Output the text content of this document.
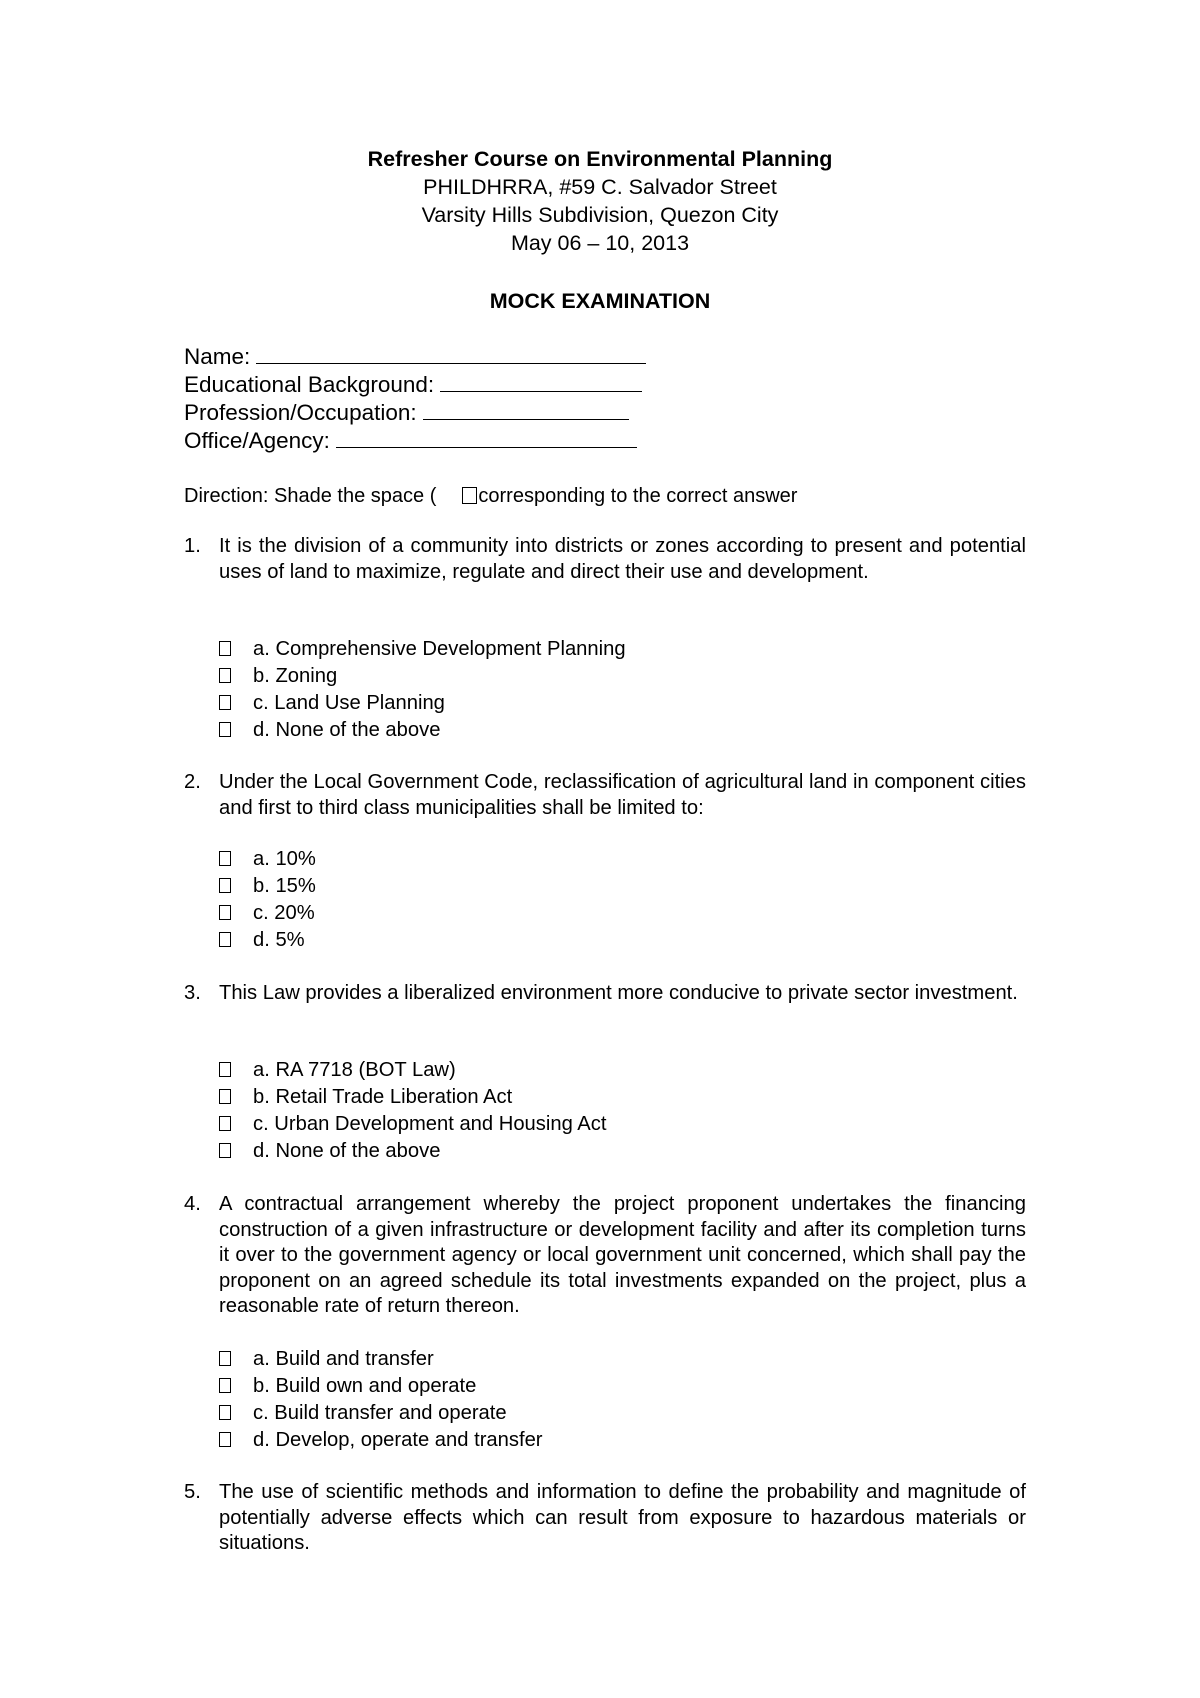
Refresher Course on Environmental Planning
PHILDHRRA, #59 C. Salvador Street
Varsity Hills Subdivision, Quezon City
May 06 – 10, 2013
MOCK EXAMINATION
Name:
Educational Background:
Profession/Occupation:
Office/Agency:
Direction: Shade the space ( corresponding to the correct answer
1. It is the division of a community into districts or zones according to present and potential uses of land to maximize, regulate and direct their use and development.
a. Comprehensive Development Planning
b. Zoning
c. Land Use Planning
d. None of the above
2. Under the Local Government Code, reclassification of agricultural land in component cities and first to third class municipalities shall be limited to:
a. 10%
b. 15%
c. 20%
d. 5%
3. This Law provides a liberalized environment more conducive to private sector investment.
a. RA 7718 (BOT Law)
b. Retail Trade Liberation Act
c. Urban Development and Housing Act
d. None of the above
4. A contractual arrangement whereby the project proponent undertakes the financing construction of a given infrastructure or development facility and after its completion turns it over to the government agency or local government unit concerned, which shall pay the proponent on an agreed schedule its total investments expanded on the project, plus a reasonable rate of return thereon.
a. Build and transfer
b. Build own and operate
c. Build transfer and operate
d. Develop, operate and transfer
5. The use of scientific methods and information to define the probability and magnitude of potentially adverse effects which can result from exposure to hazardous materials or situations.
